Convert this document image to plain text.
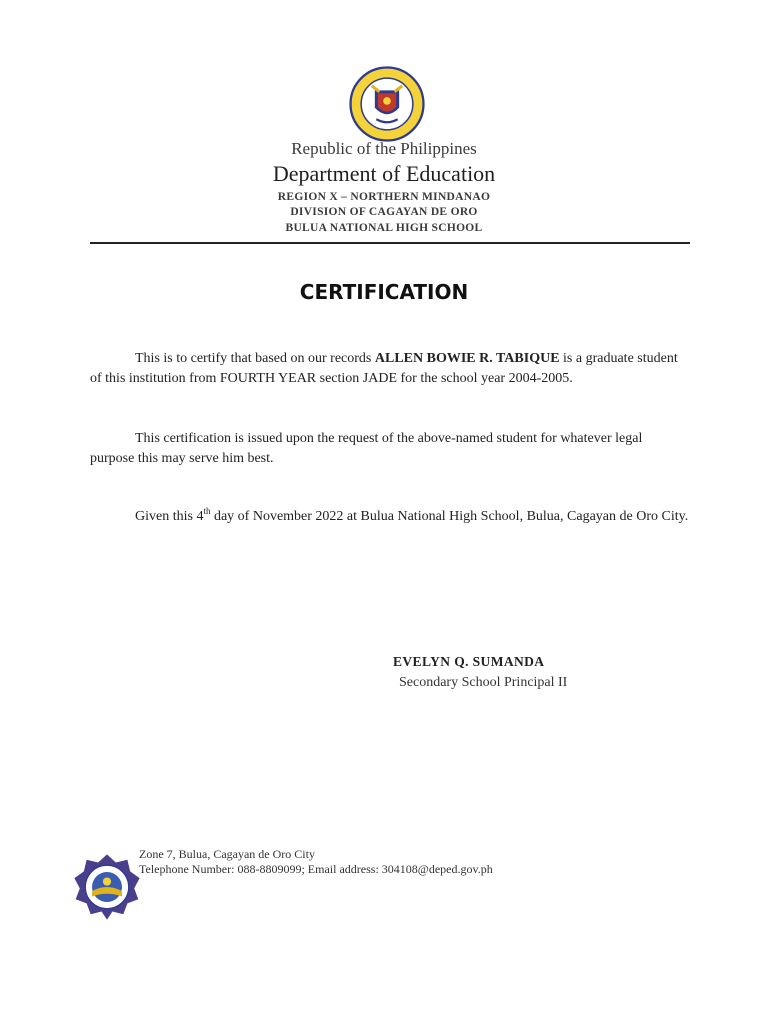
Republic of the Philippines
Department of Education
REGION X – NORTHERN MINDANAO
DIVISION OF CAGAYAN DE ORO
BULUA NATIONAL HIGH SCHOOL
CERTIFICATION
This is to certify that based on our records ALLEN BOWIE R. TABIQUE is a graduate student of this institution from FOURTH YEAR section JADE for the school year 2004-2005.
This certification is issued upon the request of the above-named student for whatever legal purpose this may serve him best.
Given this 4th day of November 2022 at Bulua National High School, Bulua, Cagayan de Oro City.
EVELYN Q. SUMANDA
Secondary School Principal II
Zone 7, Bulua, Cagayan de Oro City
Telephone Number: 088-8809099; Email address: 304108@deped.gov.ph
